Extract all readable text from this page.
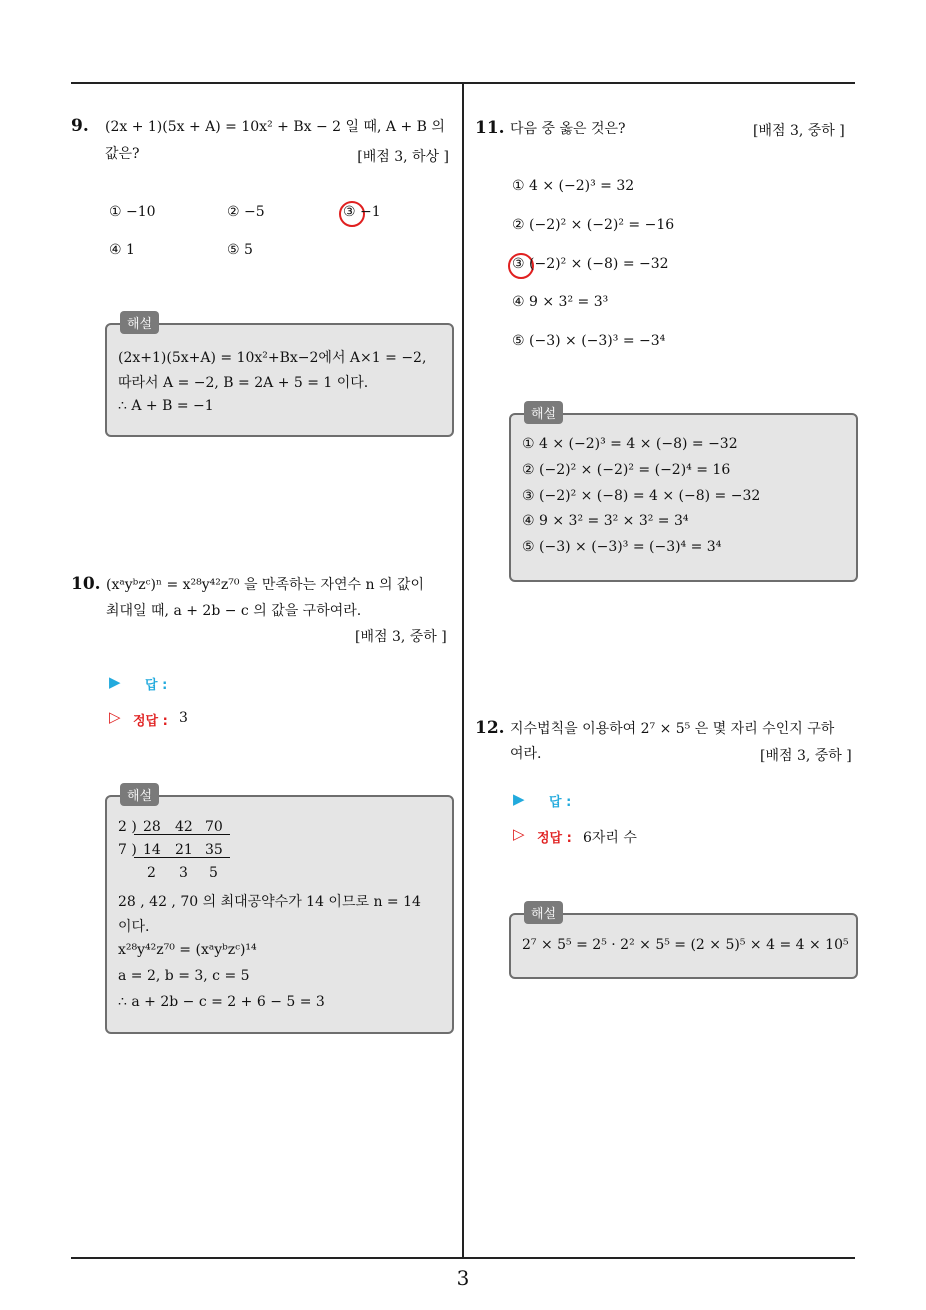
3
9. (2x + 1)(5x + A) = 10x² + Bx − 2 일 때, A + B 의
값은?	[배점 3, 하상 ]
① −10	② −5	③ −1
④ 1	⑤ 5
해설
(2x+1)(5x+A) = 10x²+Bx−2에서 A×1 = −2,
따라서 A = −2, B = 2A + 5 = 1 이다.
∴ A + B = −1
10. (xᵃyᵇzᶜ)ⁿ = x²⁸y⁴²z⁷⁰ 을 만족하는 자연수 n 의 값이
최대일 때, a + 2b − c 의 값을 구하여라.
[배점 3, 중하 ]
▶ 답 :
▷ 정답 : 3
해설
2 ) 28 42 70
7 ) 14 21 35
2 3 5
28 , 42 , 70 의 최대공약수가 14 이므로 n = 14
이다.
x²⁸y⁴²z⁷⁰ = (xᵃyᵇzᶜ)¹⁴
a = 2, b = 3, c = 5
∴ a + 2b − c = 2 + 6 − 5 = 3
11. 다음 중 옳은 것은?	[배점 3, 중하 ]
① 4 × (−2)³ = 32
② (−2)² × (−2)² = −16
③ (−2)² × (−8) = −32
④ 9 × 3² = 3³
⑤ (−3) × (−3)³ = −3⁴
해설
① 4 × (−2)³ = 4 × (−8) = −32
② (−2)² × (−2)² = (−2)⁴ = 16
③ (−2)² × (−8) = 4 × (−8) = −32
④ 9 × 3² = 3² × 3² = 3⁴
⑤ (−3) × (−3)³ = (−3)⁴ = 3⁴
12. 지수법칙을 이용하여 2⁷ × 5⁵ 은 몇 자리 수인지 구하
여라.	[배점 3, 중하 ]
▶ 답 :
▷ 정답 : 6자리 수
해설
2⁷ × 5⁵ = 2⁵ · 2² × 5⁵ = (2 × 5)⁵ × 4 = 4 × 10⁵
